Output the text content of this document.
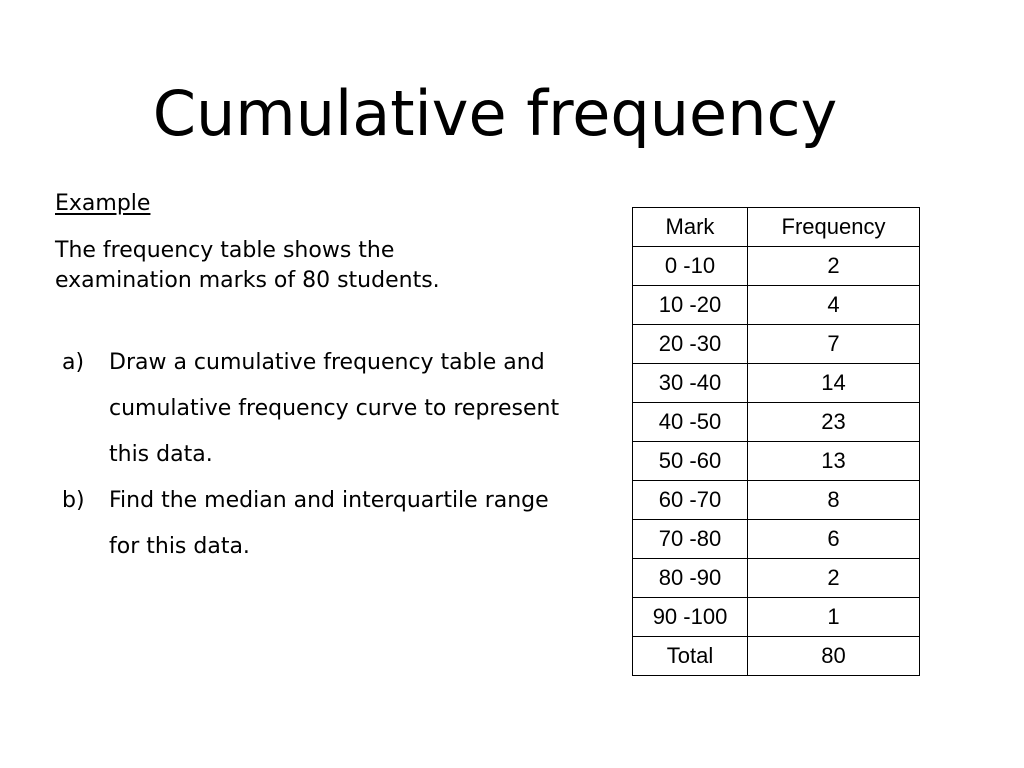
Cumulative frequency
Example
The frequency table shows the examination marks of 80 students.
a)	Draw a cumulative frequency table and cumulative frequency curve to represent this data.
b)	Find the median and interquartile range for this data.
Mark	Frequency
0 -10	2
10 -20	4
20 -30	7
30 -40	14
40 -50	23
50 -60	13
60 -70	8
70 -80	6
80 -90	2
90 -100	1
Total	80
